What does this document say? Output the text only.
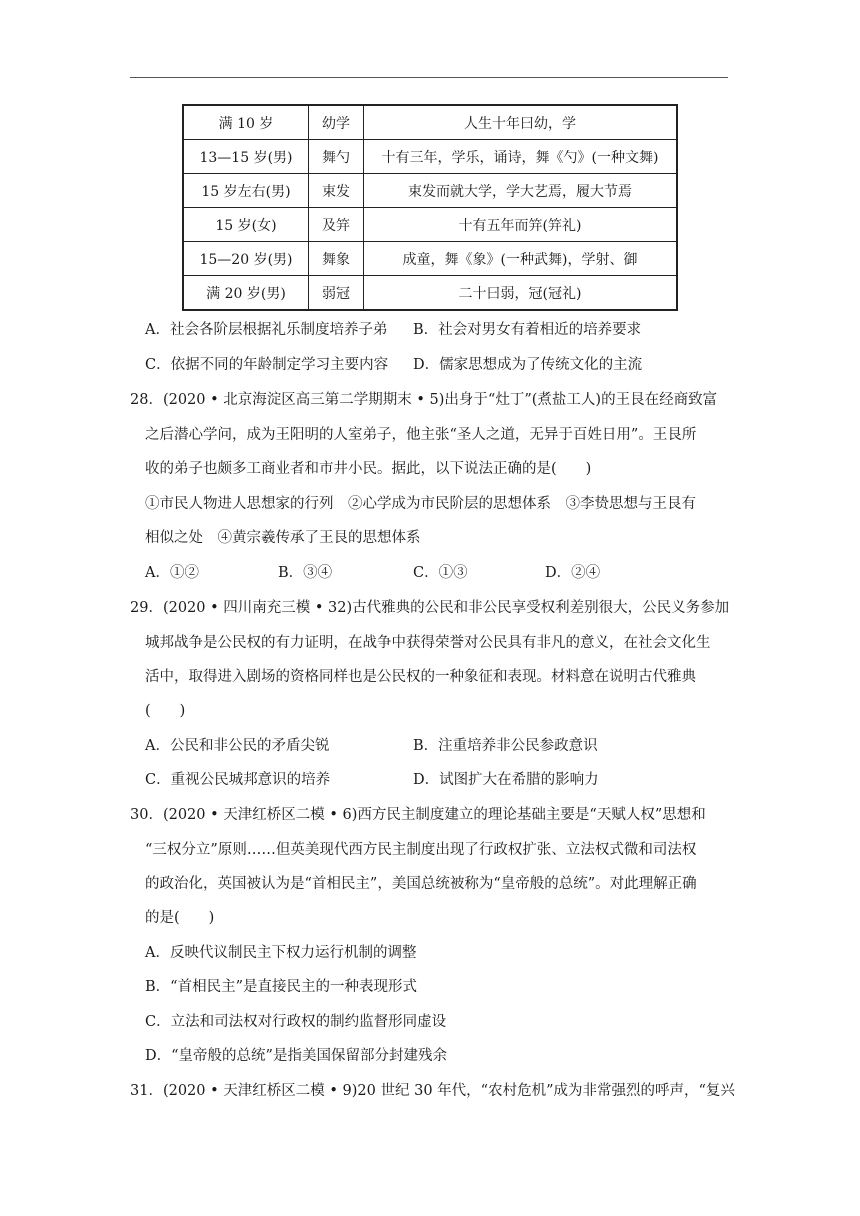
满 10 岁	幼学	人生十年曰幼，学
13—15 岁(男)	舞勺	十有三年，学乐，诵诗，舞《勺》(一种文舞)
15 岁左右(男)	束发	束发而就大学，学大艺焉，履大节焉
15 岁(女)	及笄	十有五年而笄(笄礼)
15—20 岁(男)	舞象	成童，舞《象》(一种武舞)，学射、御
满 20 岁(男)	弱冠	二十曰弱，冠(冠礼)
A．社会各阶层根据礼乐制度培养子弟 B．社会对男女有着相近的培养要求
C．依据不同的年龄制定学习主要内容 D．儒家思想成为了传统文化的主流
28．(2020 • 北京海淀区高三第二学期期末 • 5)出身于“灶丁”(煮盐工人)的王艮在经商致富
之后潜心学问，成为王阳明的人室弟子，他主张“圣人之道，无异于百姓日用”。王艮所
收的弟子也颇多工商业者和市井小民。据此，以下说法正确的是(　　)
①市民人物进人思想家的行列　②心学成为市民阶层的思想体系　③李贽思想与王艮有
相似之处　④黄宗羲传承了王艮的思想体系
A．①②	B．③④	C．①③	D．②④
29．(2020 • 四川南充三模 • 32)古代雅典的公民和非公民享受权利差别很大，公民义务参加
城邦战争是公民权的有力证明，在战争中获得荣誉对公民具有非凡的意义，在社会文化生
活中，取得进入剧场的资格同样也是公民权的一种象征和表现。材料意在说明古代雅典
(　　)
A．公民和非公民的矛盾尖锐	B．注重培养非公民参政意识
C．重视公民城邦意识的培养	D．试图扩大在希腊的影响力
30．(2020 • 天津红桥区二模 • 6)西方民主制度建立的理论基础主要是“天赋人权”思想和
“三权分立”原则……但英美现代西方民主制度出现了行政权扩张、立法权式微和司法权
的政治化，英国被认为是“首相民主”，美国总统被称为“皇帝般的总统”。对此理解正确
的是(　　)
A．反映代议制民主下权力运行机制的调整
B．“首相民主”是直接民主的一种表现形式
C．立法和司法权对行政权的制约监督形同虚设
D．“皇帝般的总统”是指美国保留部分封建残余
31．(2020 • 天津红桥区二模 • 9)20 世纪 30 年代，“农村危机”成为非常强烈的呼声，“复兴
